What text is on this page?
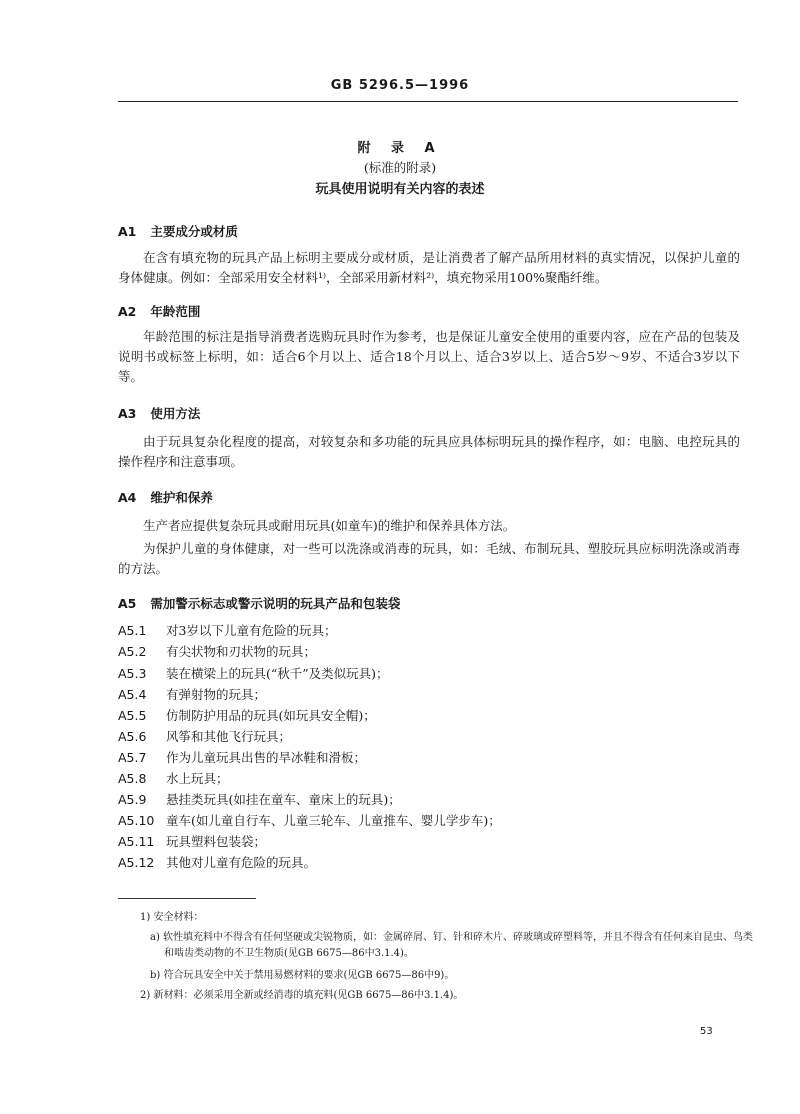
GB 5296.5—1996
附 录 A
(标准的附录)
玩具使用说明有关内容的表述
A1 主要成分或材质
在含有填充物的玩具产品上标明主要成分或材质，是让消费者了解产品所用材料的真实情况，以保护儿童的身体健康。例如：全部采用安全材料¹⁾，全部采用新材料²⁾，填充物采用100%聚酯纤维。
A2 年龄范围
年龄范围的标注是指导消费者选购玩具时作为参考，也是保证儿童安全使用的重要内容，应在产品的包装及说明书或标签上标明，如：适合6个月以上、适合18个月以上、适合3岁以上、适合5岁～9岁、不适合3岁以下等。
A3 使用方法
由于玩具复杂化程度的提高，对较复杂和多功能的玩具应具体标明玩具的操作程序，如：电脑、电控玩具的操作程序和注意事项。
A4 维护和保养
生产者应提供复杂玩具或耐用玩具(如童车)的维护和保养具体方法。
为保护儿童的身体健康，对一些可以洗涤或消毒的玩具，如：毛绒、布制玩具、塑胶玩具应标明洗涤或消毒的方法。
A5 需加警示标志或警示说明的玩具产品和包装袋
A5.1 对3岁以下儿童有危险的玩具；
A5.2 有尖状物和刃状物的玩具；
A5.3 装在横梁上的玩具(“秋千”及类似玩具)；
A5.4 有弹射物的玩具；
A5.5 仿制防护用品的玩具(如玩具安全帽)；
A5.6 风筝和其他飞行玩具；
A5.7 作为儿童玩具出售的旱冰鞋和滑板；
A5.8 水上玩具；
A5.9 悬挂类玩具(如挂在童车、童床上的玩具)；
A5.10 童车(如儿童自行车、儿童三轮车、儿童推车、婴儿学步车)；
A5.11 玩具塑料包装袋；
A5.12 其他对儿童有危险的玩具。
1) 安全材料：
a) 软性填充料中不得含有任何坚硬或尖锐物质，如：金属碎屑、钉、针和碎木片、碎玻璃或碎塑料等，并且不得含有任何来自昆虫、鸟类和啮齿类动物的不卫生物质(见GB 6675—86中3.1.4)。
b) 符合玩具安全中关于禁用易燃材料的要求(见GB 6675—86中9)。
2) 新材料：必须采用全新或经消毒的填充料(见GB 6675—86中3.1.4)。
53
